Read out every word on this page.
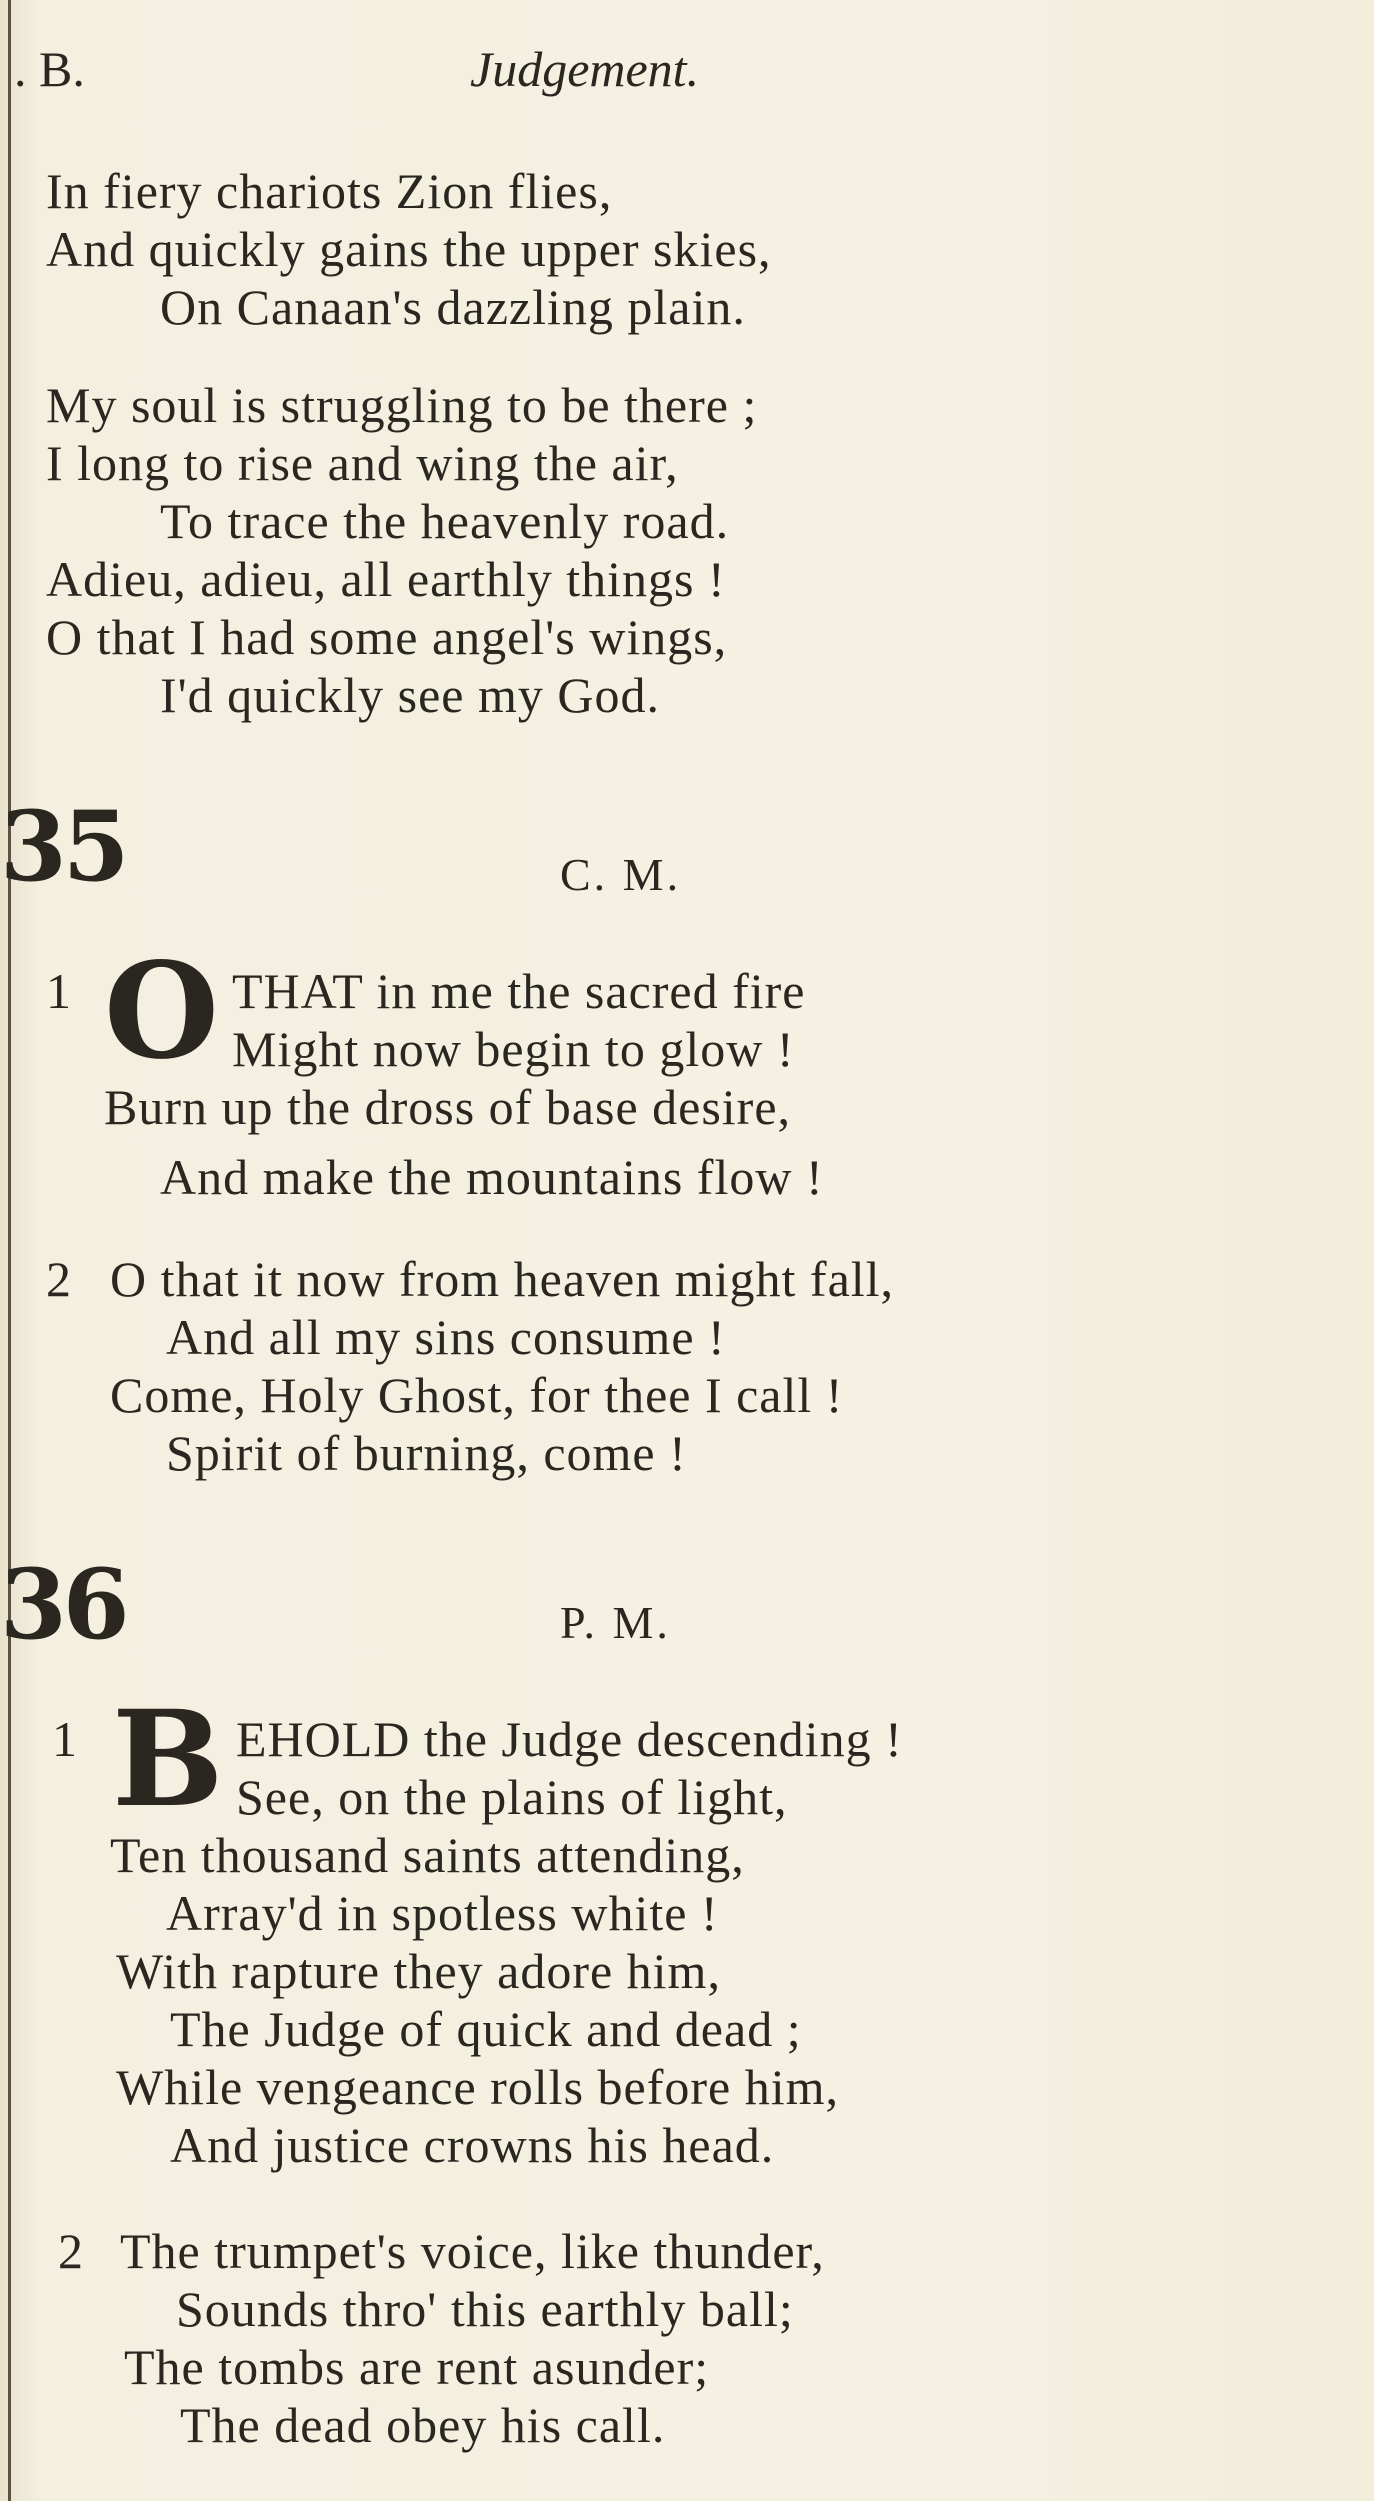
. B.	Judgement.
In fiery chariots Zion flies,
And quickly gains the upper skies,
On Canaan's dazzling plain.
My soul is struggling to be there ;
I long to rise and wing the air,
To trace the heavenly road.
Adieu, adieu, all earthly things !
O that I had some angel's wings,
I'd quickly see my God.
35	C. M.
1 O THAT in me the sacred fire
Might now begin to glow !
Burn up the dross of base desire,
And make the mountains flow !
2 O that it now from heaven might fall,
And all my sins consume !
Come, Holy Ghost, for thee I call !
Spirit of burning, come !
36	P. M.
1 B EHOLD the Judge descending !
See, on the plains of light,
Ten thousand saints attending,
Array'd in spotless white !
With rapture they adore him,
The Judge of quick and dead ;
While vengeance rolls before him,
And justice crowns his head.
2 The trumpet's voice, like thunder,
Sounds thro' this earthly ball;
The tombs are rent asunder;
The dead obey his call.
